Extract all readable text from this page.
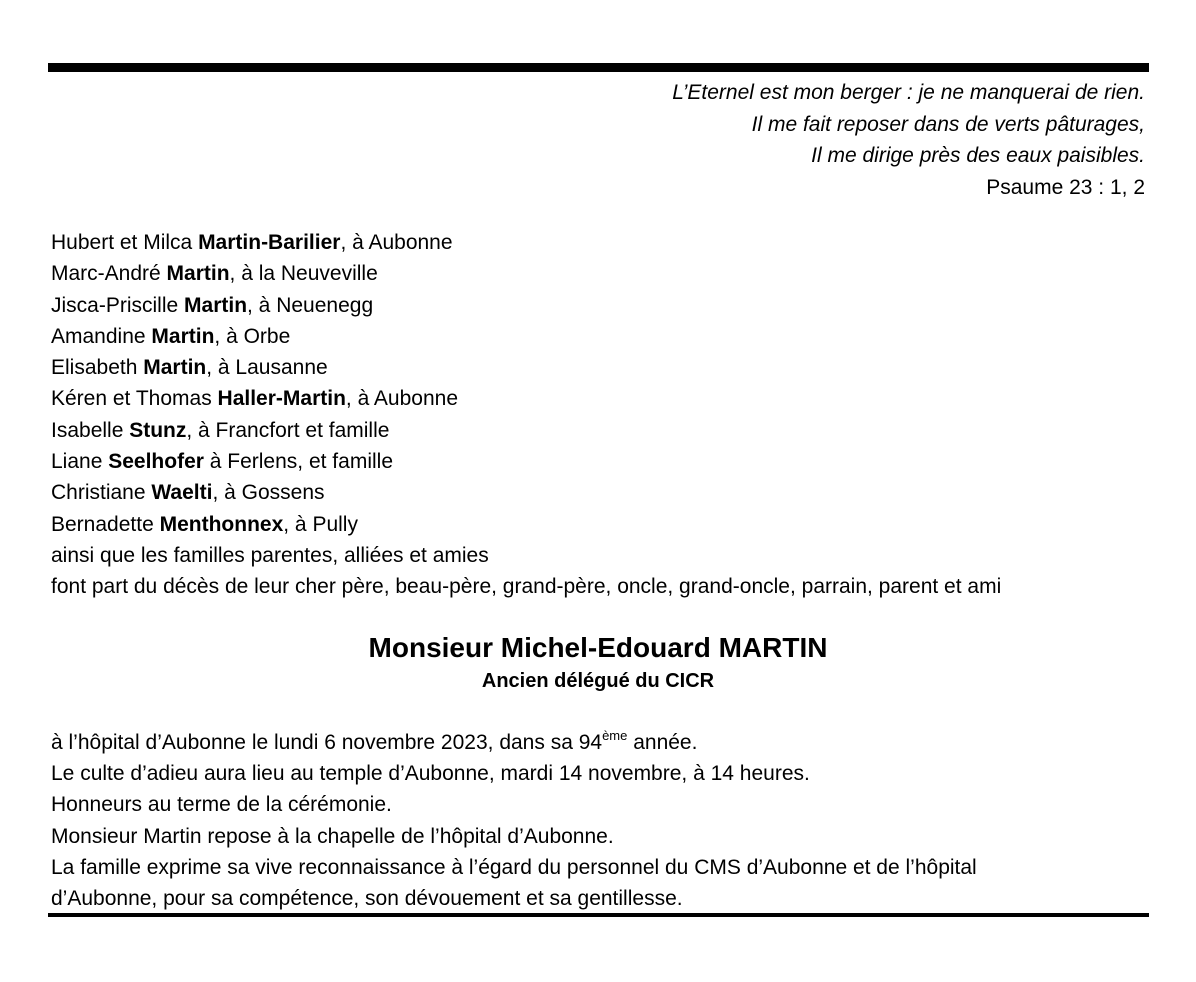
L’Eternel est mon berger : je ne manquerai de rien.
Il me fait reposer dans de verts pâturages,
Il me dirige près des eaux paisibles.
Psaume 23 : 1, 2
Hubert et Milca Martin-Barilier, à Aubonne
Marc-André Martin, à la Neuveville
Jisca-Priscille Martin, à Neuenegg
Amandine Martin, à Orbe
Elisabeth Martin, à Lausanne
Kéren et Thomas Haller-Martin, à Aubonne
Isabelle Stunz, à Francfort et famille
Liane Seelhofer à Ferlens, et famille
Christiane Waelti, à Gossens
Bernadette Menthonnex, à Pully
ainsi que les familles parentes, alliées et amies
font part du décès de leur cher père, beau-père, grand-père, oncle, grand-oncle, parrain, parent et ami
Monsieur Michel-Edouard MARTIN
Ancien délégué du CICR
à l’hôpital d’Aubonne le lundi 6 novembre 2023, dans sa 94ème année.
Le culte d’adieu aura lieu au temple d’Aubonne, mardi 14 novembre, à 14 heures.
Honneurs au terme de la cérémonie.
Monsieur Martin repose à la chapelle de l’hôpital d’Aubonne.
La famille exprime sa vive reconnaissance à l’égard du personnel du CMS d’Aubonne et de l’hôpital
d’Aubonne, pour sa compétence, son dévouement et sa gentillesse.
